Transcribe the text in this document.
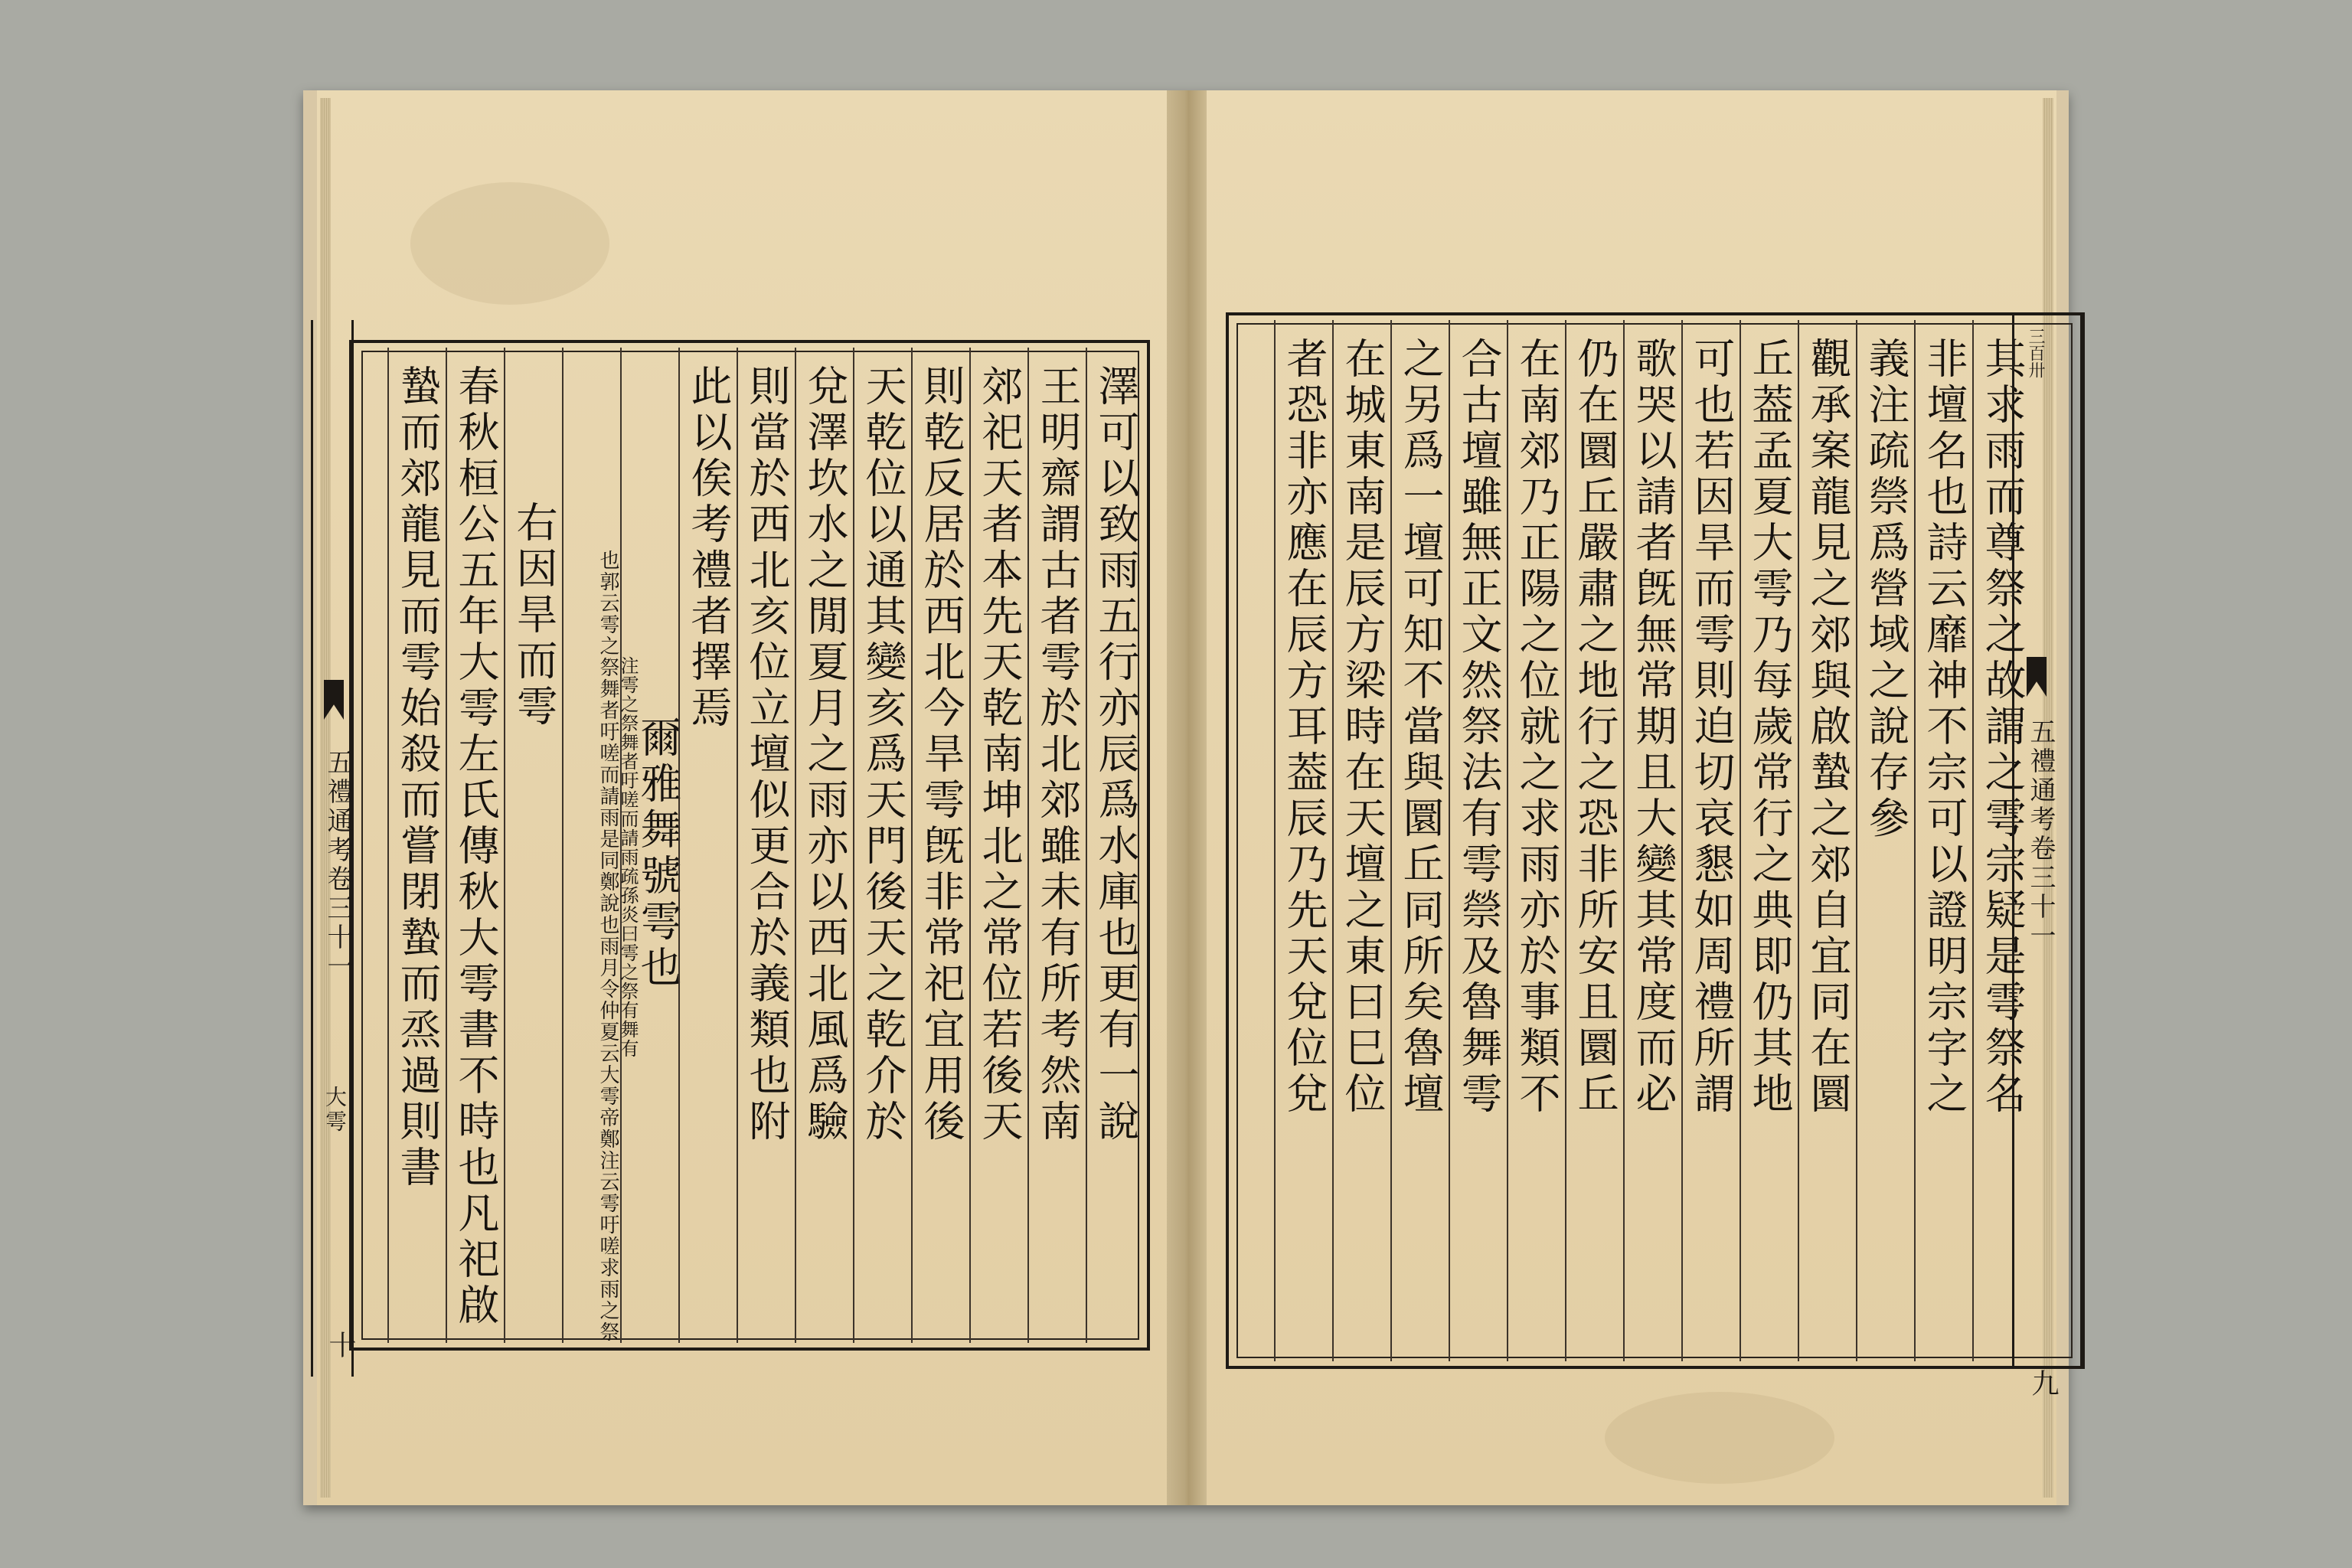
澤可以致雨五行亦辰爲水庫也更有一說
王明齋謂古者雩於北郊雖未有所考然南
郊祀天者本先天乾南坤北之常位若後天
則乾反居於西北今旱雩旣非常祀宜用後
天乾位以通其變亥爲天門後天之乾介於
兌澤坎水之閒夏月之雨亦以西北風爲驗
則當於西北亥位立壇似更合於義類也附
此以俟考禮者擇焉
爾雅舞號雩也
注雩之祭舞者吁嗟而請雨疏孫炎曰雩之祭有舞有
雨月令仲夏云大雩帝鄭注云雩吁嗟求雨之祭
也郭云雩之祭舞者吁嗟而請雨是同鄭說也
右因旱而雩
春秋桓公五年大雩左氏傳秋大雩書不時也凡祀啟
蟄而郊龍見而雩始殺而嘗閉蟄而烝過則書
五禮通考卷三十一
大雩
十
其求雨而尊祭之故謂之雩宗疑是雩祭名
非壇名也詩云靡神不宗可以證明宗字之
義注疏禜爲營域之說存參
觀承案龍見之郊與啟蟄之郊自宜同在圜
丘葢孟夏大雩乃每歲常行之典即仍其地
可也若因旱而雩則迫切哀懇如周禮所謂
歌哭以請者旣無常期且大變其常度而必
仍在圜丘嚴肅之地行之恐非所安且圜丘
在南郊乃正陽之位就之求雨亦於事類不
合古壇雖無正文然祭法有雩禜及魯舞雩
之另爲一壇可知不當與圜丘同所矣魯壇
在城東南是辰方梁時在天壇之東曰巳位
者恐非亦應在辰方耳葢辰乃先天兌位兌	三百卅
五禮通考卷三十一
九
